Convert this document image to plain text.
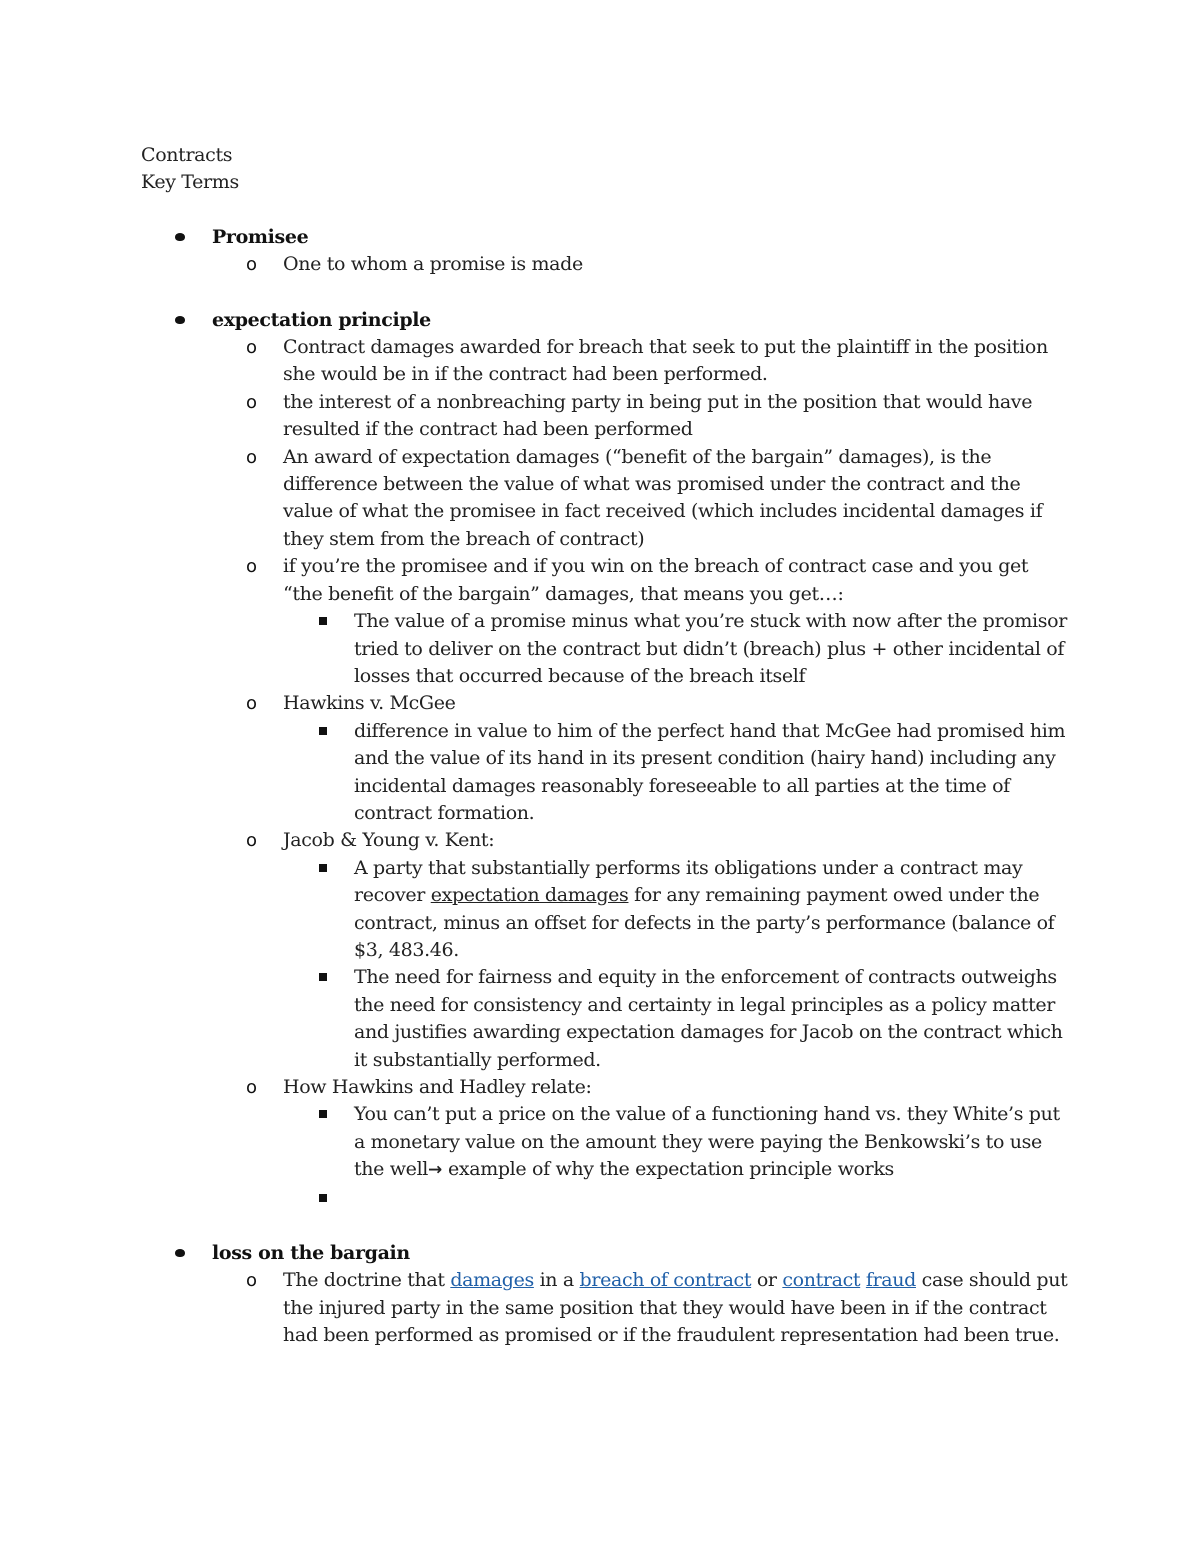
Contracts
Key Terms
Promisee
o One to whom a promise is made
expectation principle
o Contract damages awarded for breach that seek to put the plaintiff in the position she would be in if the contract had been performed.
o the interest of a nonbreaching party in being put in the position that would have resulted if the contract had been performed
o An award of expectation damages (“benefit of the bargain” damages), is the difference between the value of what was promised under the contract and the value of what the promisee in fact received (which includes incidental damages if they stem from the breach of contract)
o if you’re the promisee and if you win on the breach of contract case and you get “the benefit of the bargain” damages, that means you get…:
The value of a promise minus what you’re stuck with now after the promisor tried to deliver on the contract but didn’t (breach) plus + other incidental of losses that occurred because of the breach itself
o Hawkins v. McGee
difference in value to him of the perfect hand that McGee had promised him and the value of its hand in its present condition (hairy hand) including any incidental damages reasonably foreseeable to all parties at the time of contract formation.
o Jacob & Young v. Kent:
A party that substantially performs its obligations under a contract may recover expectation damages for any remaining payment owed under the contract, minus an offset for defects in the party’s performance (balance of $3, 483.46.
The need for fairness and equity in the enforcement of contracts outweighs the need for consistency and certainty in legal principles as a policy matter and justifies awarding expectation damages for Jacob on the contract which it substantially performed.
o How Hawkins and Hadley relate:
You can’t put a price on the value of a functioning hand vs. they White’s put a monetary value on the amount they were paying the Benkowski’s to use the well→ example of why the expectation principle works

loss on the bargain
o The doctrine that damages in a breach of contract or contract fraud case should put the injured party in the same position that they would have been in if the contract had been performed as promised or if the fraudulent representation had been true.
